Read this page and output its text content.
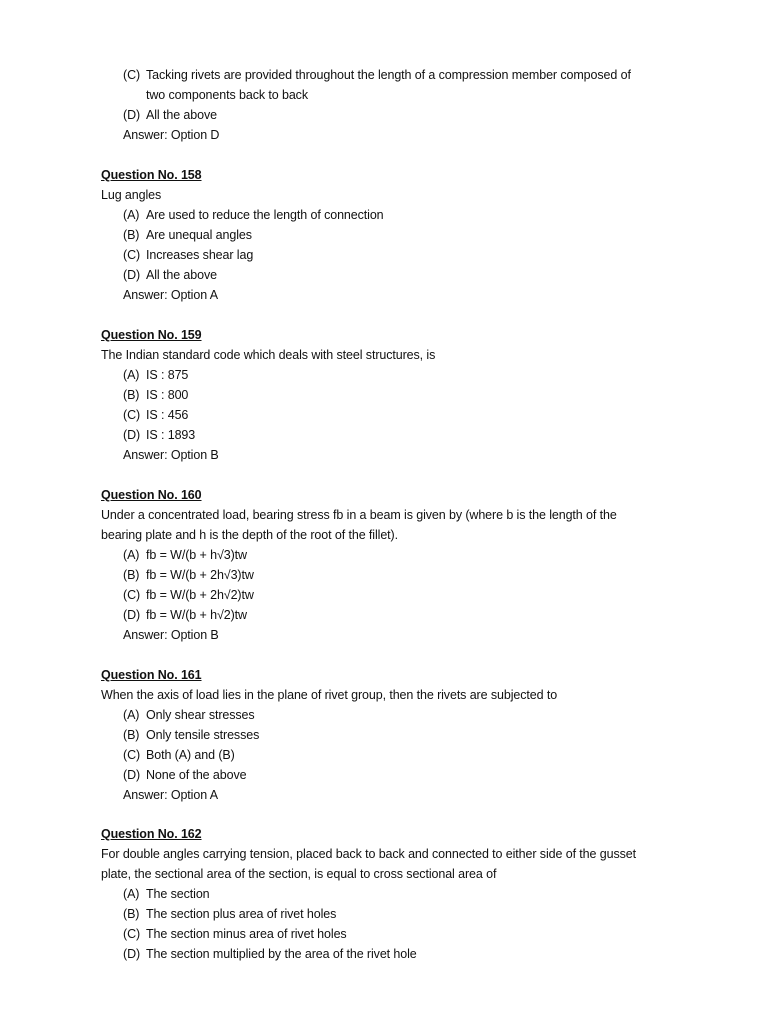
(C) Tacking rivets are provided throughout the length of a compression member composed of
two components back to back
(D) All the above
Answer: Option D
Question No. 158
Lug angles
(A) Are used to reduce the length of connection
(B) Are unequal angles
(C) Increases shear lag
(D) All the above
Answer: Option A
Question No. 159
The Indian standard code which deals with steel structures, is
(A) IS : 875
(B) IS : 800
(C) IS : 456
(D) IS : 1893
Answer: Option B
Question No. 160
Under a concentrated load, bearing stress fb in a beam is given by (where b is the length of the
bearing plate and h is the depth of the root of the fillet).
(A) fb = W/(b + h√3)tw
(B) fb = W/(b + 2h√3)tw
(C) fb = W/(b + 2h√2)tw
(D) fb = W/(b + h√2)tw
Answer: Option B
Question No. 161
When the axis of load lies in the plane of rivet group, then the rivets are subjected to
(A) Only shear stresses
(B) Only tensile stresses
(C) Both (A) and (B)
(D) None of the above
Answer: Option A
Question No. 162
For double angles carrying tension, placed back to back and connected to either side of the gusset
plate, the sectional area of the section, is equal to cross sectional area of
(A) The section
(B) The section plus area of rivet holes
(C) The section minus area of rivet holes
(D) The section multiplied by the area of the rivet hole
